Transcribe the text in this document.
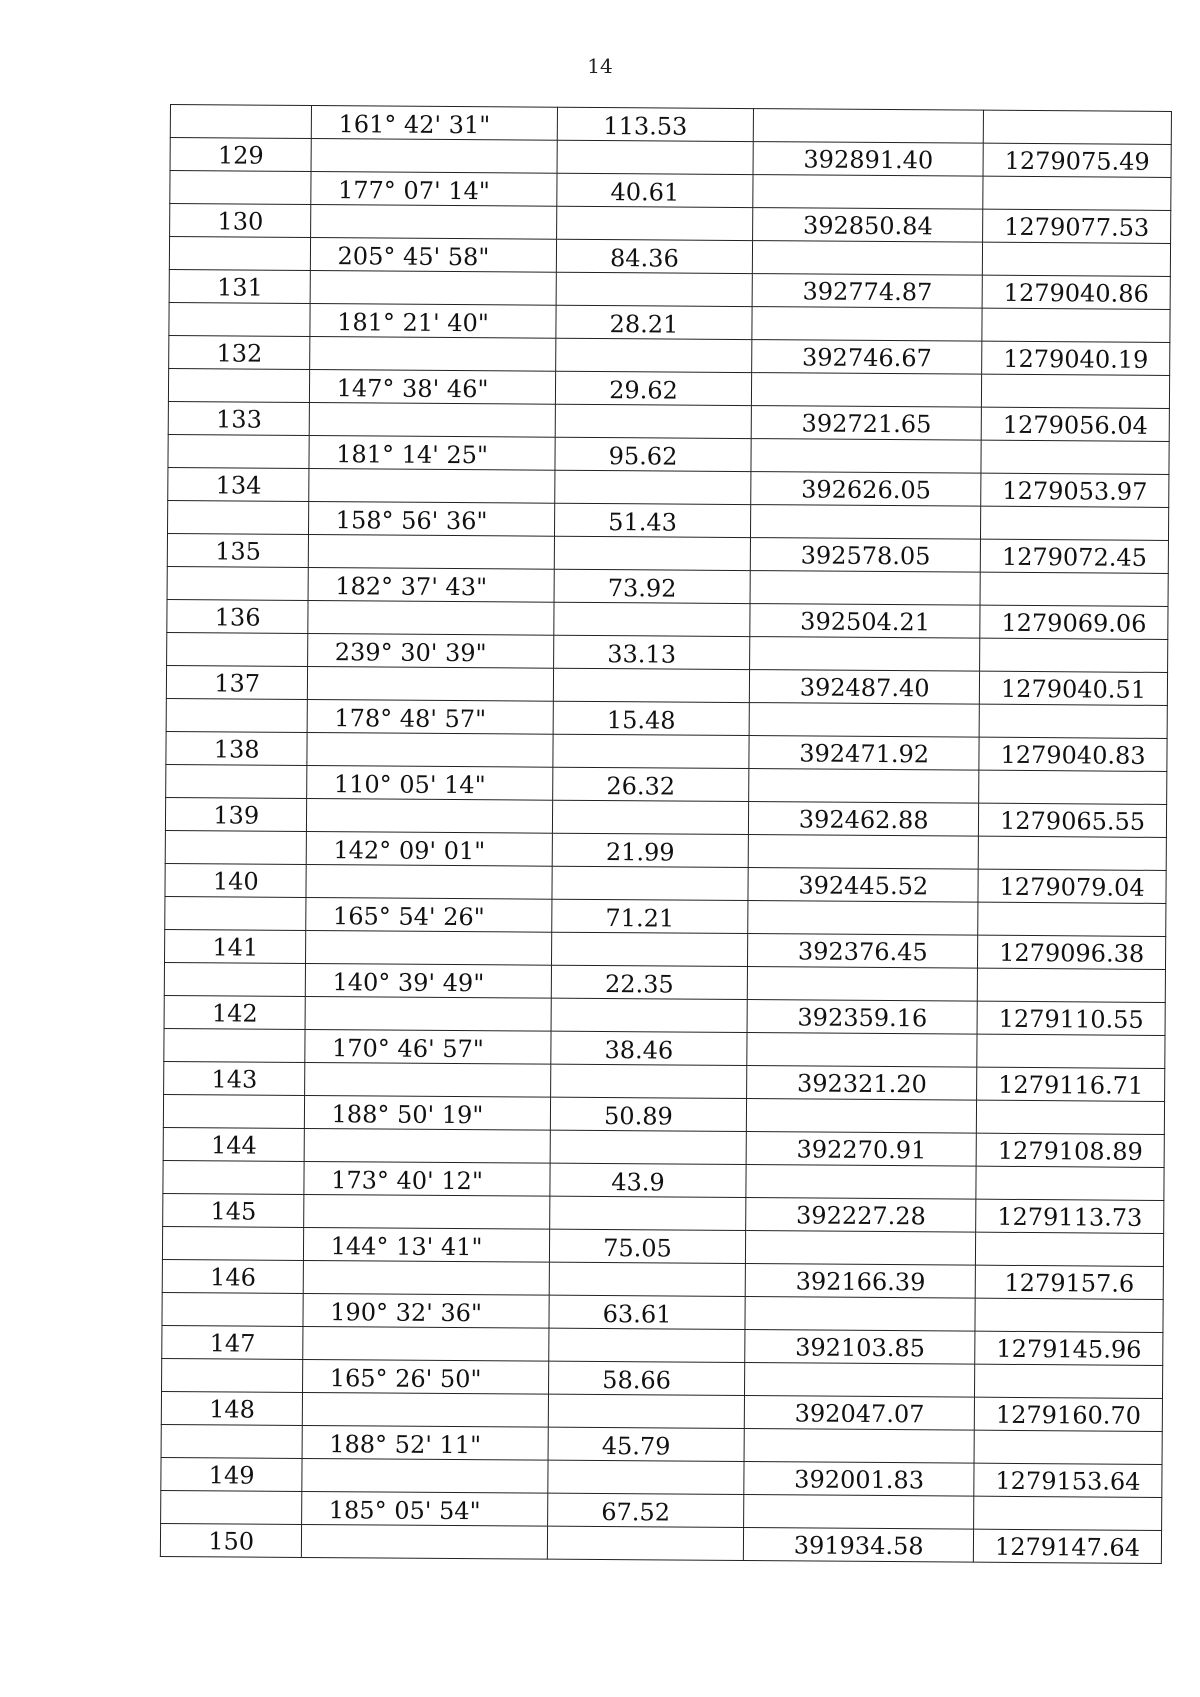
14
	161° 42' 31"	113.53		
129			392891.40	1279075.49
	177° 07' 14"	40.61		
130			392850.84	1279077.53
	205° 45' 58"	84.36		
131			392774.87	1279040.86
	181° 21' 40"	28.21		
132			392746.67	1279040.19
	147° 38' 46"	29.62		
133			392721.65	1279056.04
	181° 14' 25"	95.62		
134			392626.05	1279053.97
	158° 56' 36"	51.43		
135			392578.05	1279072.45
	182° 37' 43"	73.92		
136			392504.21	1279069.06
	239° 30' 39"	33.13		
137			392487.40	1279040.51
	178° 48' 57"	15.48		
138			392471.92	1279040.83
	110° 05' 14"	26.32		
139			392462.88	1279065.55
	142° 09' 01"	21.99		
140			392445.52	1279079.04
	165° 54' 26"	71.21		
141			392376.45	1279096.38
	140° 39' 49"	22.35		
142			392359.16	1279110.55
	170° 46' 57"	38.46		
143			392321.20	1279116.71
	188° 50' 19"	50.89		
144			392270.91	1279108.89
	173° 40' 12"	43.9		
145			392227.28	1279113.73
	144° 13' 41"	75.05		
146			392166.39	1279157.6
	190° 32' 36"	63.61		
147			392103.85	1279145.96
	165° 26' 50"	58.66		
148			392047.07	1279160.70
	188° 52' 11"	45.79		
149			392001.83	1279153.64
	185° 05' 54"	67.52		
150			391934.58	1279147.64
